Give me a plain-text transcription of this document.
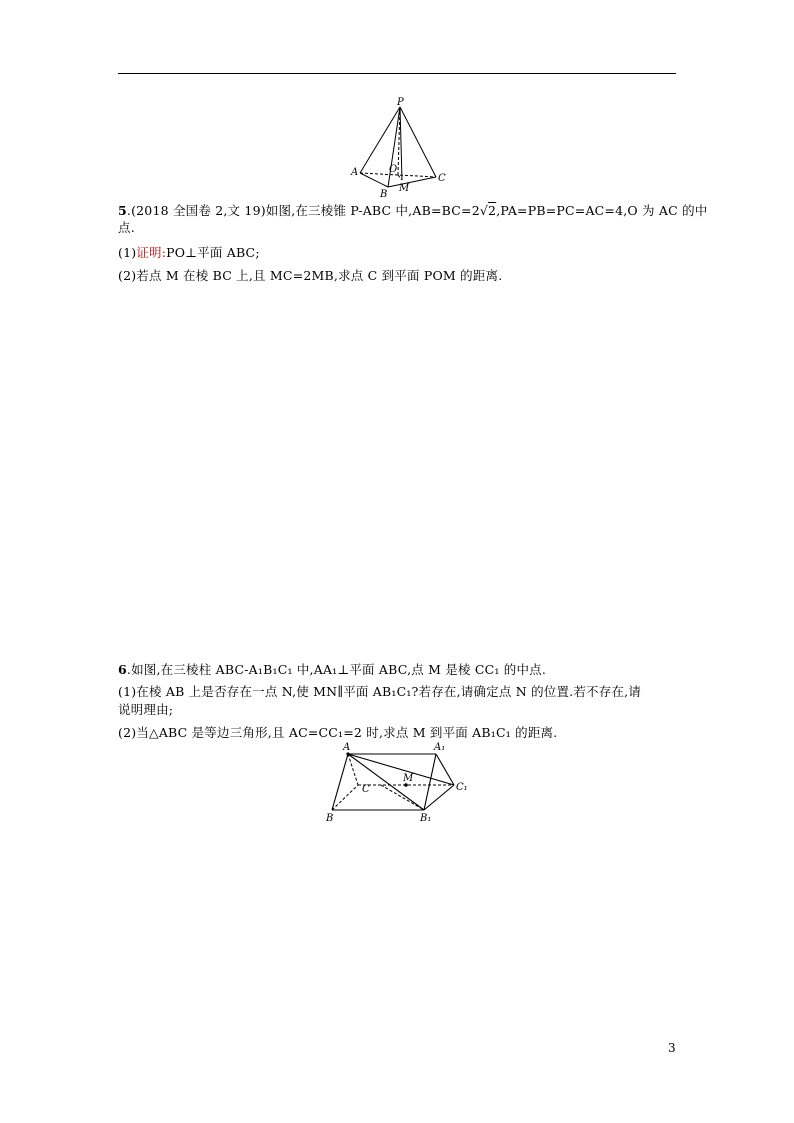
P
A
B
O
M
C
5.(2018 全国卷 2,文 19)如图,在三棱锥 P-ABC 中,AB=BC=2√2,PA=PB=PC=AC=4,O 为 AC 的中
点.
(1)证明:PO⊥平面 ABC;
(2)若点 M 在棱 BC 上,且 MC=2MB,求点 C 到平面 POM 的距离.
6.如图,在三棱柱 ABC-A₁B₁C₁ 中,AA₁⊥平面 ABC,点 M 是棱 CC₁ 的中点.
(1)在棱 AB 上是否存在一点 N,使 MN∥平面 AB₁C₁?若存在,请确定点 N 的位置.若不存在,请
说明理由;
(2)当△ABC 是等边三角形,且 AC=CC₁=2 时,求点 M 到平面 AB₁C₁ 的距离.
A	A₁
M
C	C₁
B	B₁
3
